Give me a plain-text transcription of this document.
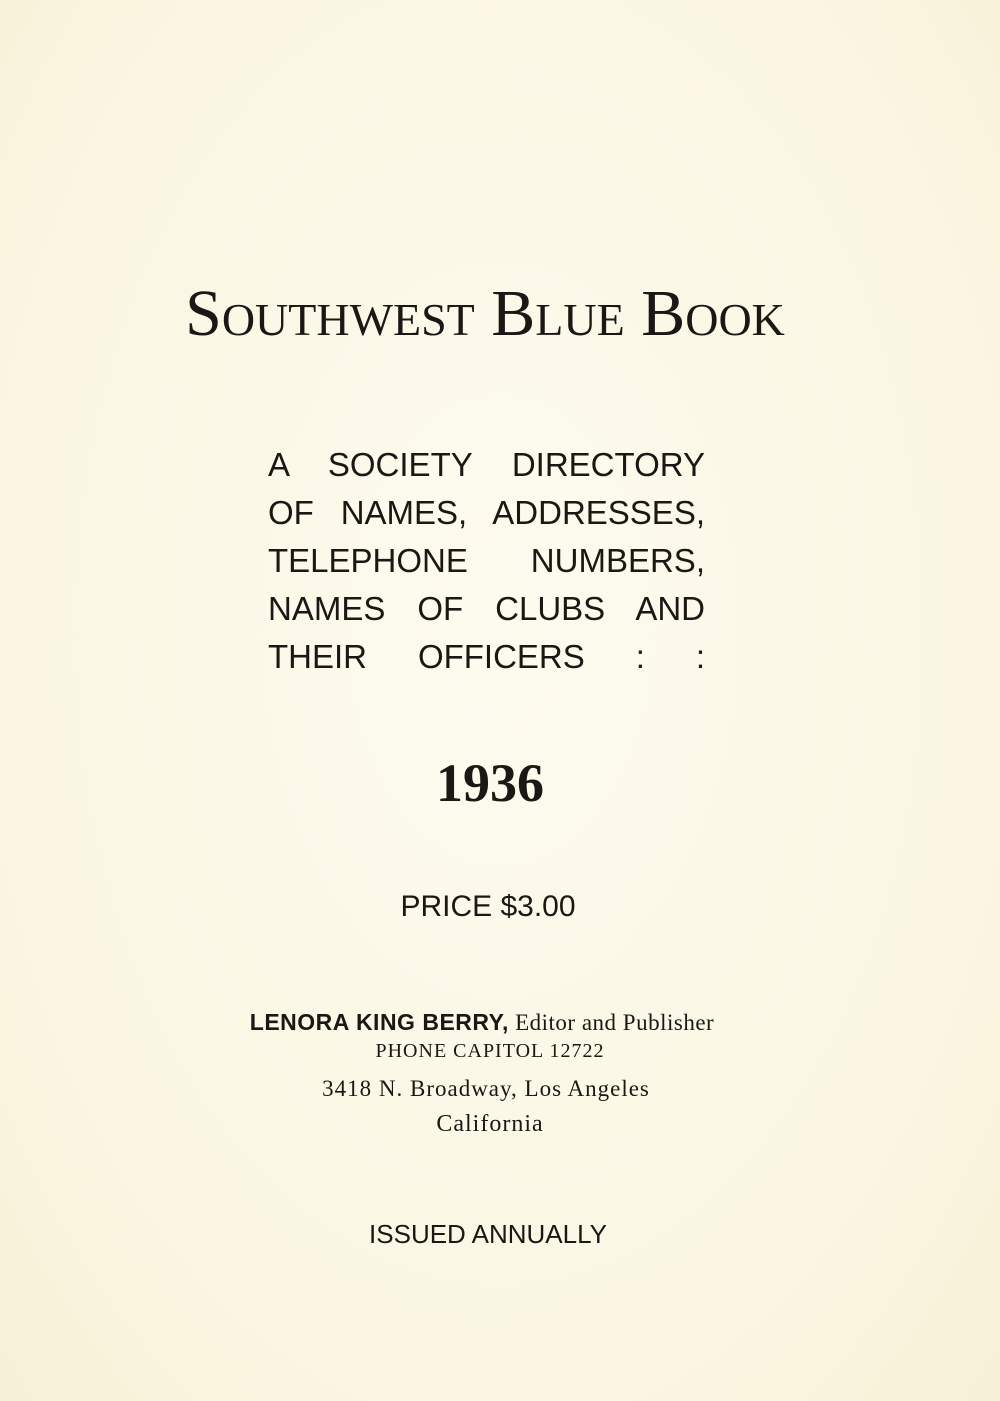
Southwest Blue Book
A SOCIETY DIRECTORY
OF NAMES, ADDRESSES,
TELEPHONE NUMBERS,
NAMES OF CLUBS AND
THEIR OFFICERS : :
1936
PRICE $3.00
LENORA KING BERRY, Editor and Publisher
PHONE CAPITOL 12722
3418 N. Broadway, Los Angeles
California
ISSUED ANNUALLY
